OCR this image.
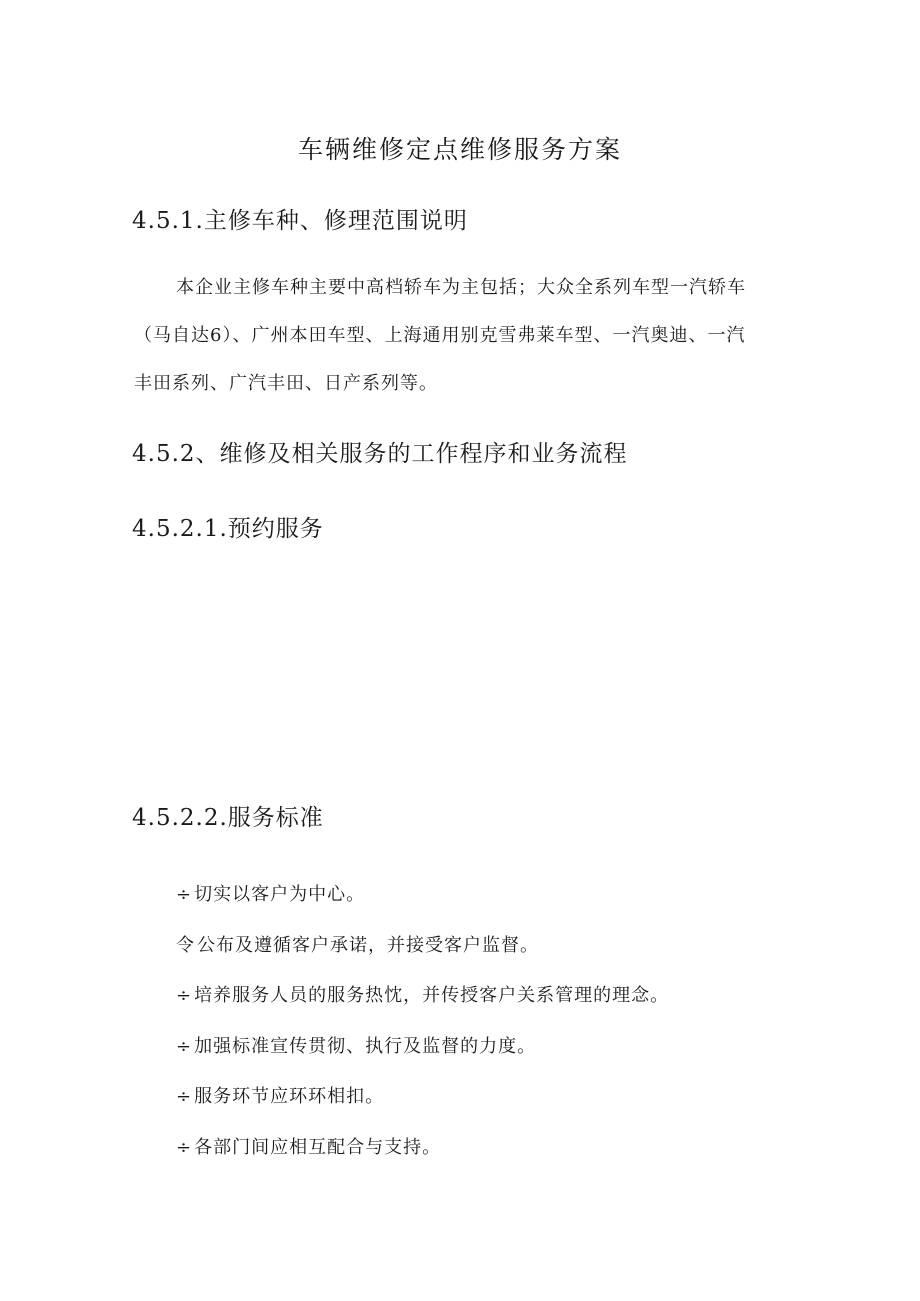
车辆维修定点维修服务方案
4.5.1.主修车种、修理范围说明

本企业主修车种主要中高档轿车为主包括；大众全系列车型一汽轿车
（马自达6）、广州本田车型、上海通用别克雪弗莱车型、一汽奥迪、一汽
丰田系列、广汽丰田、日产系列等。

4.5.2、维修及相关服务的工作程序和业务流程
4.5.2.1.预约服务
4.5.2.2.服务标准
÷ 切实以客户为中心。
令 公布及遵循客户承诺，并接受客户监督。
÷ 培养服务人员的服务热忱，并传授客户关系管理的理念。
÷ 加强标准宣传贯彻、执行及监督的力度。
÷ 服务环节应环环相扣。
÷ 各部门间应相互配合与支持。
